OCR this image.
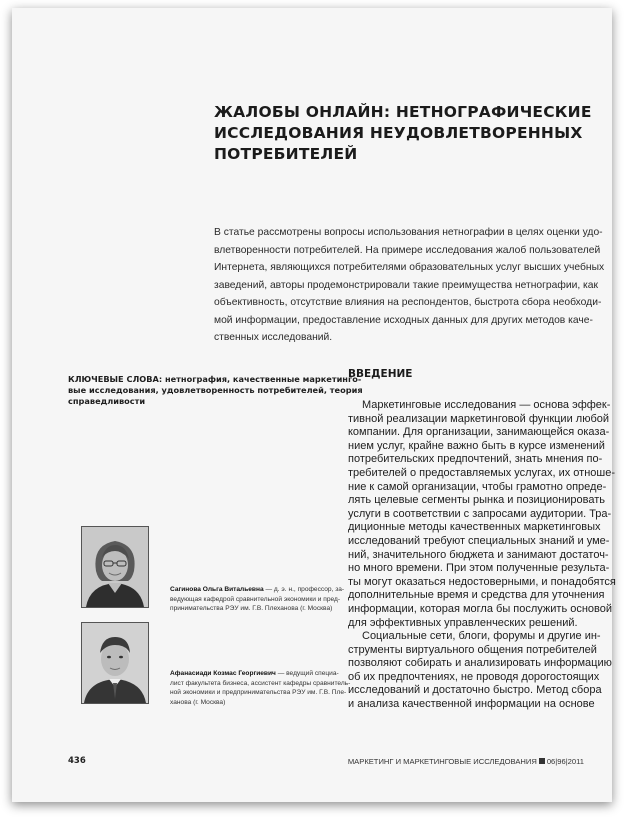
ЖАЛОБЫ ОНЛАЙН: НЕТНОГРАФИЧЕСКИЕ
ИССЛЕДОВАНИЯ НЕУДОВЛЕТВОРЕННЫХ
ПОТРЕБИТЕЛЕЙ
В статье рассмотрены вопросы использования нетнографии в целях оценки удо-
влетворенности потребителей. На примере исследования жалоб пользователей
Интернета, являющихся потребителями образовательных услуг высших учебных
заведений, авторы продемонстрировали такие преимущества нетнографии, как
объективность, отсутствие влияния на респондентов, быстрота сбора необходи-
мой информации, предоставление исходных данных для других методов каче-
ственных исследований.
КЛЮЧЕВЫЕ СЛОВА: нетнография, качественные маркетинго-
вые исследования, удовлетворенность потребителей, теория
справедливости
ВВЕДЕНИЕ
Маркетинговые исследования — основа эффек-
тивной реализации маркетинговой функции любой
компании. Для организации, занимающейся оказа-
нием услуг, крайне важно быть в курсе изменений
потребительских предпочтений, знать мнения по-
требителей о предоставляемых услугах, их отноше-
ние к самой организации, чтобы грамотно опреде-
лять целевые сегменты рынка и позиционировать
услуги в соответствии с запросами аудитории. Тра-
диционные методы качественных маркетинговых
исследований требуют специальных знаний и уме-
ний, значительного бюджета и занимают достаточ-
но много времени. При этом полученные результа-
ты могут оказаться недостоверными, и понадобятся
дополнительные время и средства для уточнения
информации, которая могла бы послужить основой
для эффективных управленческих решений.
Социальные сети, блоги, форумы и другие ин-
струменты виртуального общения потребителей
позволяют собирать и анализировать информацию
об их предпочтениях, не проводя дорогостоящих
исследований и достаточно быстро. Метод сбора
и анализа качественной информации на основе
Сагинова Ольга Витальевна — д. э. н., профессор, за-
ведующая кафедрой сравнительной экономики и пред-
принимательства РЭУ им. Г.В. Плеханова (г. Москва)
Афанасиади Козмас Георгиевич — ведущий специа-
лист факультета бизнеса, ассистент кафедры сравнитель-
ной экономики и предпринимательства РЭУ им. Г.В. Пле-
ханова (г. Москва)
436	МАРКЕТИНГ И МАРКЕТИНГОВЫЕ ИССЛЕДОВАНИЯ 06|96|2011
